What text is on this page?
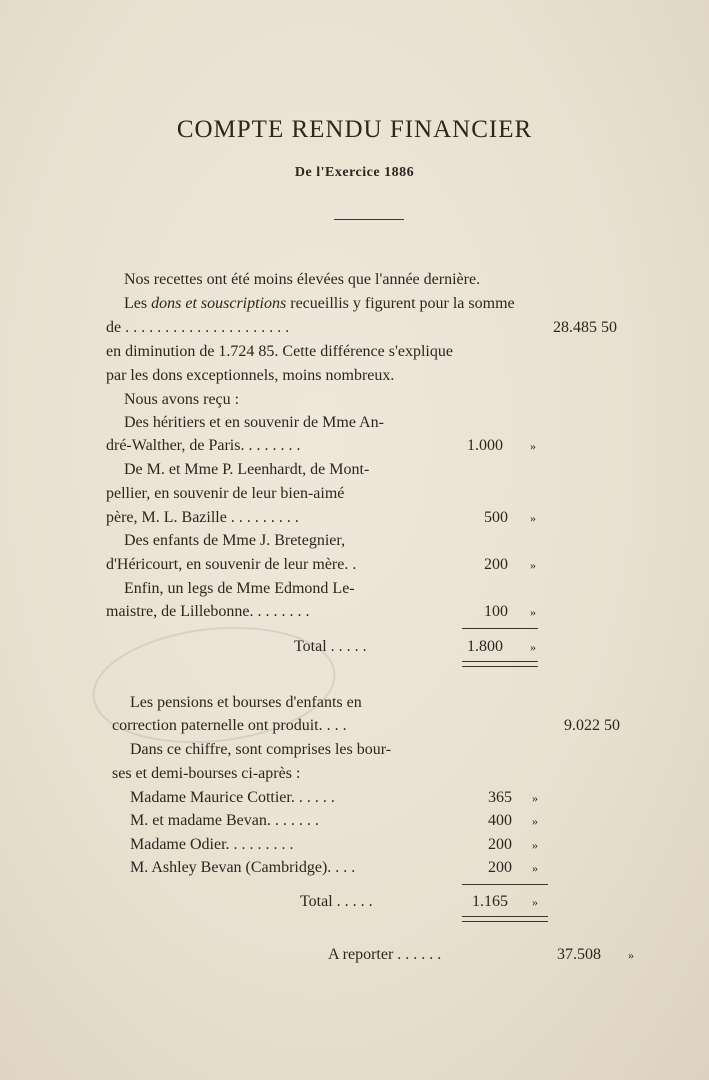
COMPTE RENDU FINANCIER
De l'Exercice 1886
Nos recettes ont été moins élevées que l'année dernière.
Les dons et souscriptions recueillis y figurent pour la somme
de . . . . . . . . . . . . . . . . . . . . .	28.485 50
en diminution de 1.724 85. Cette différence s'explique
par les dons exceptionnels, moins nombreux.
Nous avons reçu :
Des héritiers et en souvenir de Mme An-
dré-Walther, de Paris. . . . . . . .	1.000 »
De M. et Mme P. Leenhardt, de Mont-
pellier, en souvenir de leur bien-aimé
père, M. L. Bazille . . . . . . . . .	500 »
Des enfants de Mme J. Bretegnier,
d'Héricourt, en souvenir de leur mère. .	200 »
Enfin, un legs de Mme Edmond Le-
maistre, de Lillebonne. . . . . . . .	100 »
Total . . . . .	1.800 »
Les pensions et bourses d'enfants en
correction paternelle ont produit. . . .	9.022 50
Dans ce chiffre, sont comprises les bour-
ses et demi-bourses ci-après :
Madame Maurice Cottier. . . . . .	365 »
M. et madame Bevan. . . . . . .	400 »
Madame Odier. . . . . . . . .	200 »
M. Ashley Bevan (Cambridge). . . .	200 »
Total . . . . .	1.165 »
A reporter . . . . . .	37.508 »
